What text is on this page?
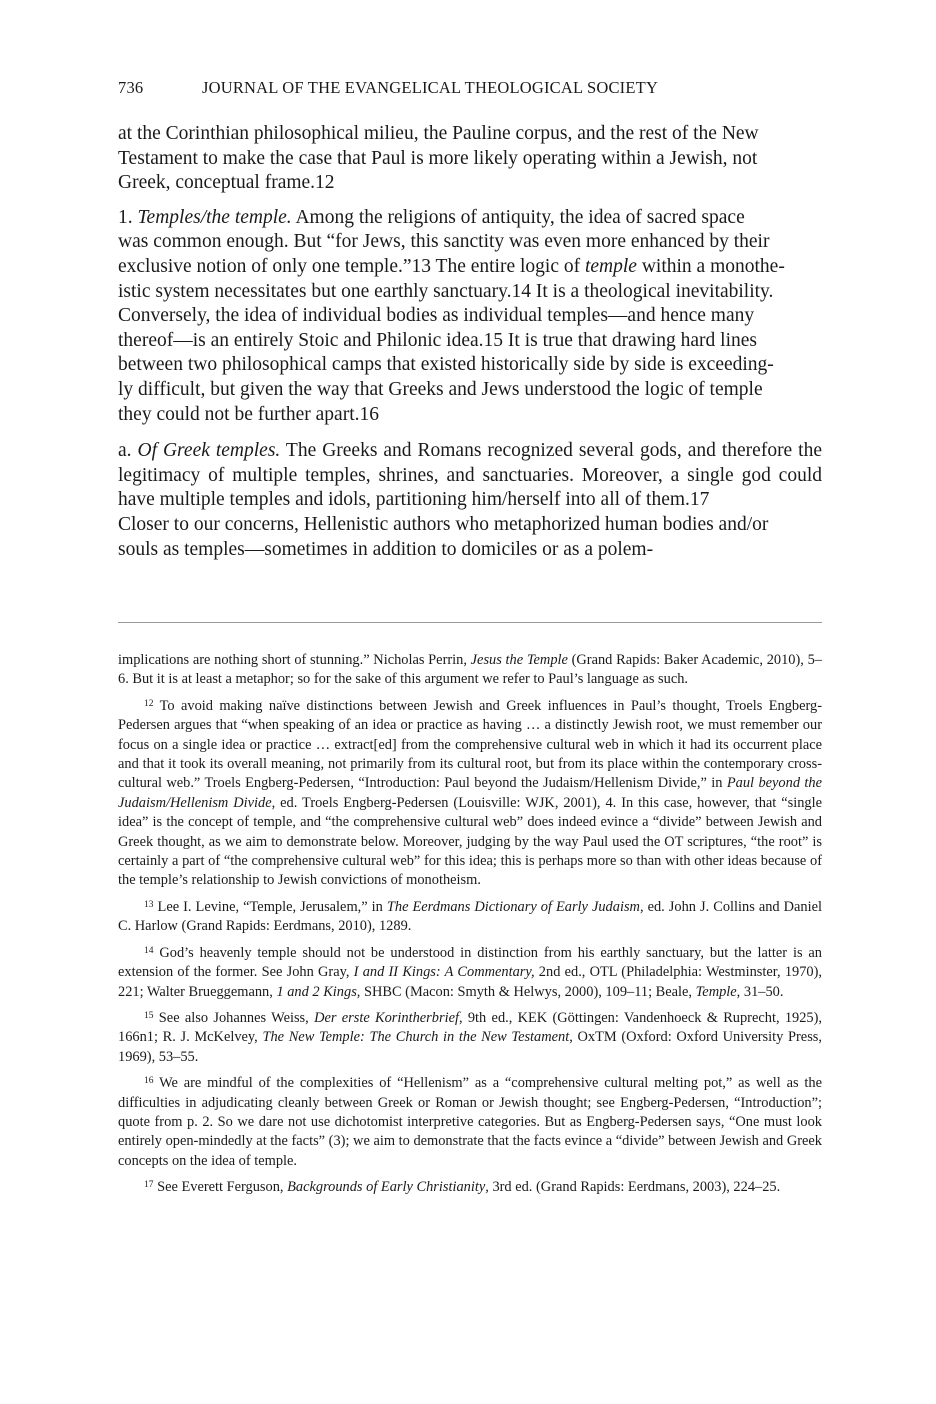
736	JOURNAL OF THE EVANGELICAL THEOLOGICAL SOCIETY

at the Corinthian philosophical milieu, the Pauline corpus, and the rest of the New
Testament to make the case that Paul is more likely operating within a Jewish, not
Greek, conceptual frame.12

1. Temples/the temple. Among the religions of antiquity, the idea of sacred space
was common enough. But “for Jews, this sanctity was even more enhanced by their
exclusive notion of only one temple.”13 The entire logic of temple within a monothe-
istic system necessitates but one earthly sanctuary.14 It is a theological inevitability.
Conversely, the idea of individual bodies as individual temples—and hence many
thereof—is an entirely Stoic and Philonic idea.15 It is true that drawing hard lines
between two philosophical camps that existed historically side by side is exceeding-
ly difficult, but given the way that Greeks and Jews understood the logic of temple
they could not be further apart.16

a. Of Greek temples. The Greeks and Romans recognized several gods, and therefore the legitimacy of multiple temples, shrines, and sanctuaries. Moreover, a single god could have multiple temples and idols, partitioning him/herself into all of them.17
Closer to our concerns, Hellenistic authors who metaphorized human bodies and/or
souls as temples—sometimes in addition to domiciles or as a polem-

implications are nothing short of stunning.” Nicholas Perrin, Jesus the Temple (Grand Rapids: Baker Academic, 2010), 5–6. But it is at least a metaphor; so for the sake of this argument we refer to Paul’s language as such.

$^{12}$ To avoid making naïve distinctions between Jewish and Greek influences in Paul’s thought, Troels Engberg-Pedersen argues that “when speaking of an idea or practice as having … a distinctly Jewish root, we must remember our focus on a single idea or practice … extract[ed] from the comprehensive cultural web in which it had its occurrent place and that it took its overall meaning, not primarily from its cultural root, but from its place within the contemporary cross-cultural web.” Troels Engberg-Pedersen, “Introduction: Paul beyond the Judaism/Hellenism Divide,” in Paul beyond the Judaism/Hellenism Divide, ed. Troels Engberg-Pedersen (Louisville: WJK, 2001), 4. In this case, however, that “single idea” is the concept of temple, and “the comprehensive cultural web” does indeed evince a “divide” between Jewish and Greek thought, as we aim to demonstrate below. Moreover, judging by the way Paul used the OT scriptures, “the root” is certainly a part of “the comprehensive cultural web” for this idea; this is perhaps more so than with other ideas because of the temple’s relationship to Jewish convictions of monotheism.

$^{13}$ Lee I. Levine, “Temple, Jerusalem,” in The Eerdmans Dictionary of Early Judaism, ed. John J. Collins and Daniel C. Harlow (Grand Rapids: Eerdmans, 2010), 1289.

$^{14}$ God’s heavenly temple should not be understood in distinction from his earthly sanctuary, but the latter is an extension of the former. See John Gray, I and II Kings: A Commentary, 2nd ed., OTL (Philadelphia: Westminster, 1970), 221; Walter Brueggemann, 1 and 2 Kings, SHBC (Macon: Smyth & Helwys, 2000), 109–11; Beale, Temple, 31–50.

$^{15}$ See also Johannes Weiss, Der erste Korintherbrief, 9th ed., KEK (Göttingen: Vandenhoeck & Ruprecht, 1925), 166n1; R. J. McKelvey, The New Temple: The Church in the New Testament, OxTM (Oxford: Oxford University Press, 1969), 53–55.

$^{16}$ We are mindful of the complexities of “Hellenism” as a “comprehensive cultural melting pot,” as well as the difficulties in adjudicating cleanly between Greek or Roman or Jewish thought; see Engberg-Pedersen, “Introduction”; quote from p. 2. So we dare not use dichotomist interpretive categories. But as Engberg-Pedersen says, “One must look entirely open-mindedly at the facts” (3); we aim to demonstrate that the facts evince a “divide” between Jewish and Greek concepts on the idea of temple.

$^{17}$ See Everett Ferguson, Backgrounds of Early Christianity, 3rd ed. (Grand Rapids: Eerdmans, 2003), 224–25.
